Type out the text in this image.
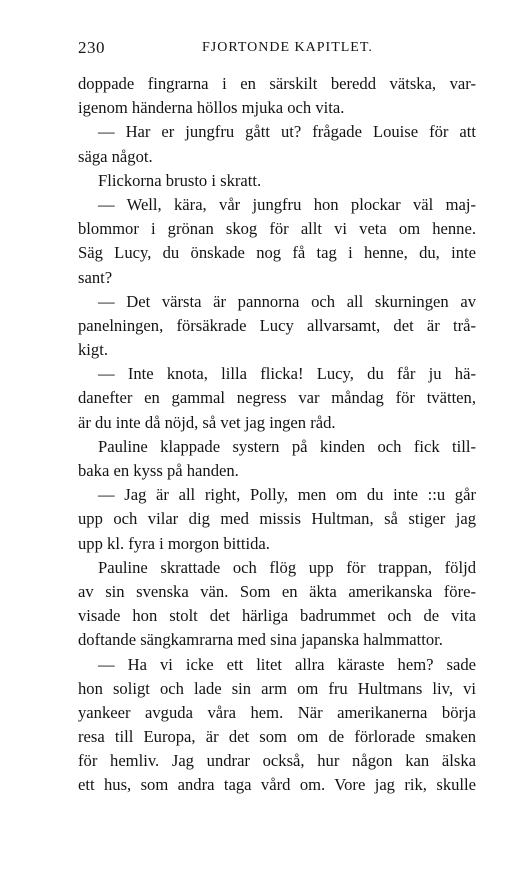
230	FJORTONDE KAPITLET.
doppade fingrarna i en särskilt beredd vätska, var-
igenom händerna höllos mjuka och vita.
— Har er jungfru gått ut? frågade Louise för att
säga något.
Flickorna brusto i skratt.
— Well, kära, vår jungfru hon plockar väl maj-
blommor i grönan skog för allt vi veta om henne.
Säg Lucy, du önskade nog få tag i henne, du, inte
sant?
— Det värsta är pannorna och all skurningen av
panelningen, försäkrade Lucy allvarsamt, det är trå-
kigt.
— Inte knota, lilla flicka! Lucy, du får ju hä-
danefter en gammal negress var måndag för tvätten,
är du inte då nöjd, så vet jag ingen råd.
Pauline klappade systern på kinden och fick till-
baka en kyss på handen.
— Jag är all right, Polly, men om du inte ::u går
upp och vilar dig med missis Hultman, så stiger jag
upp kl. fyra i morgon bittida.
Pauline skrattade och flög upp för trappan, följd
av sin svenska vän. Som en äkta amerikanska före-
visade hon stolt det härliga badrummet och de vita
doftande sängkamrarna med sina japanska halmmattor.
— Ha vi icke ett litet allra käraste hem? sade
hon soligt och lade sin arm om fru Hultmans liv, vi
yankeer avguda våra hem. När amerikanerna börja
resa till Europa, är det som om de förlorade smaken
för hemliv. Jag undrar också, hur någon kan älska
ett hus, som andra taga vård om. Vore jag rik, skulle
